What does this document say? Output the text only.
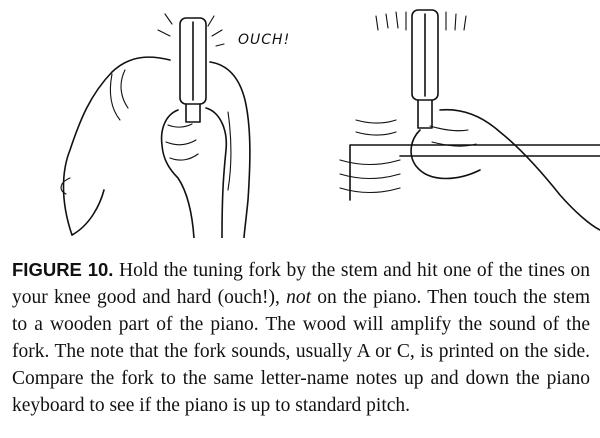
OUCH!

FIGURE 10. Hold the tuning fork by the stem and hit one of the tines on your knee good and hard (ouch!), not on the piano. Then touch the stem to a wooden part of the piano. The wood will amplify the sound of the fork. The note that the fork sounds, usually A or C, is printed on the side. Compare the fork to the same letter-name notes up and down the piano keyboard to see if the piano is up to standard pitch.
